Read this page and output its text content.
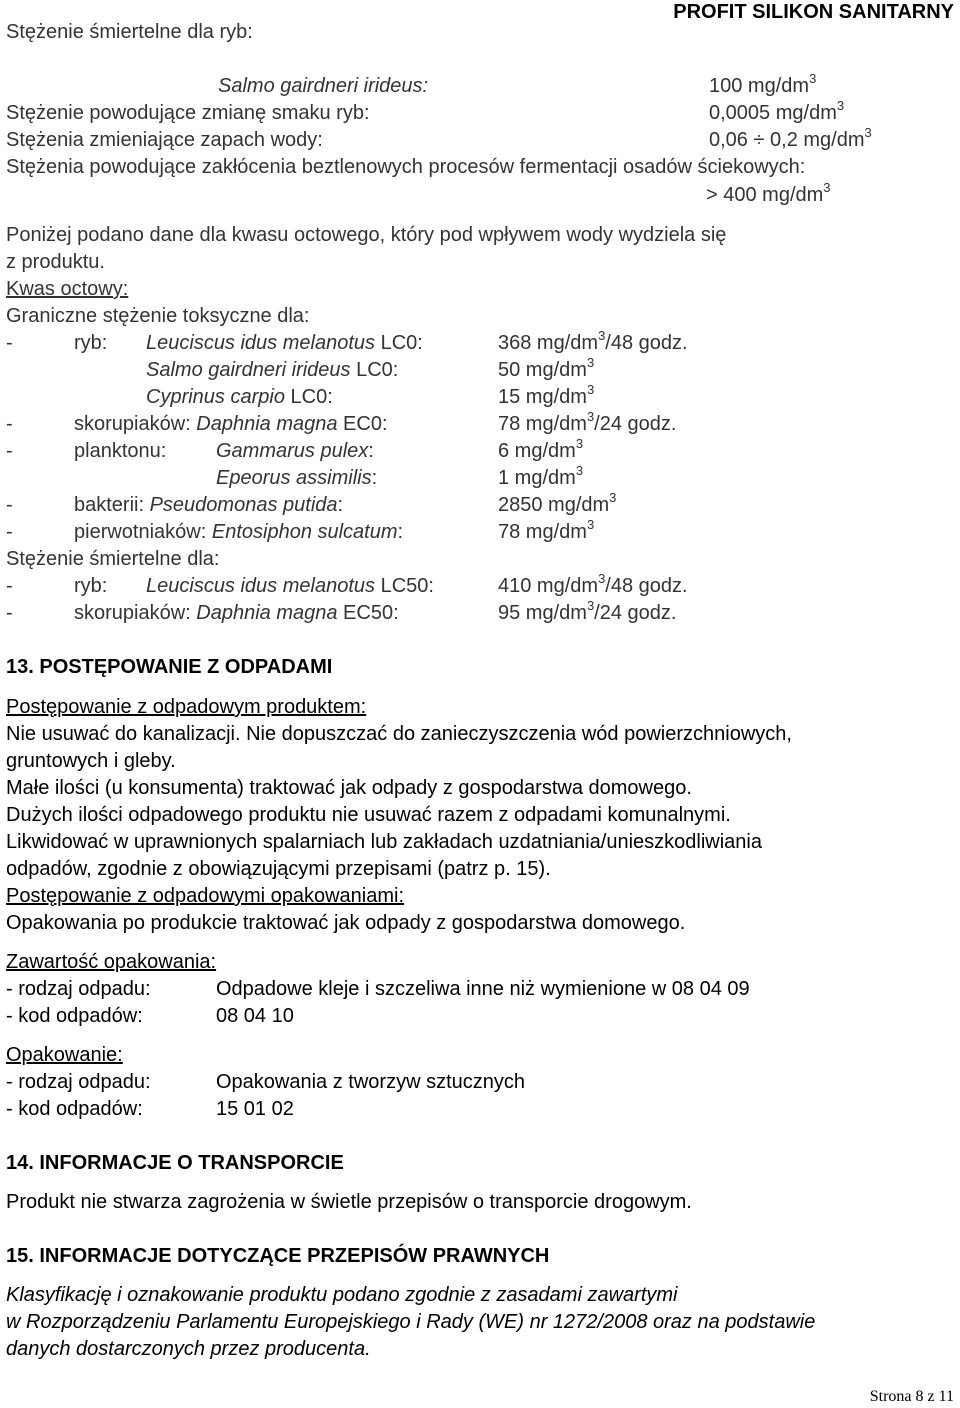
PROFIT SILIKON SANITARNY
Stężenie śmiertelne dla ryb:
Salmo gairdneri irideus:	100 $mg/dm^3$
Stężenie powodujące zmianę smaku ryb:	0,0005 $mg/dm^3$
Stężenia zmieniające zapach wody:	0,06 ÷ 0,2 $mg/dm^3$
Stężenia powodujące zakłócenia beztlenowych procesów fermentacji osadów ściekowych:
> 400 $mg/dm^3$
Poniżej podano dane dla kwasu octowego, który pod wpływem wody wydziela się
z produktu.
Kwas octowy:
Graniczne stężenie toksyczne dla:
-	ryb: Leuciscus idus melanotus LC0:	368 $mg/dm^3/48$ godz.
Salmo gairdneri irideus LC0:	50 $mg/dm^3$
Cyprinus carpio LC0:	15 $mg/dm^3$
-	skorupiaków: Daphnia magna EC0:	78 $mg/dm^3/24$ godz.
-	planktonu: Gammarus pulex:	6 $mg/dm^3$
Epeorus assimilis:	1 $mg/dm^3$
-	bakterii: Pseudomonas putida:	2850 $mg/dm^3$
-	pierwotniaków: Entosiphon sulcatum:	78 $mg/dm^3$
Stężenie śmiertelne dla:
-	ryb: Leuciscus idus melanotus LC50:	410 $mg/dm^3/48$ godz.
-	skorupiaków: Daphnia magna EC50:	95 $mg/dm^3/24$ godz.
13. POSTĘPOWANIE Z ODPADAMI
Postępowanie z odpadowym produktem:
Nie usuwać do kanalizacji. Nie dopuszczać do zanieczyszczenia wód powierzchniowych,
gruntowych i gleby.
Małe ilości (u konsumenta) traktować jak odpady z gospodarstwa domowego.
Dużych ilości odpadowego produktu nie usuwać razem z odpadami komunalnymi.
Likwidować w uprawnionych spalarniach lub zakładach uzdatniania/unieszkodliwiania
odpadów, zgodnie z obowiązującymi przepisami (patrz p. 15).
Postępowanie z odpadowymi opakowaniami:
Opakowania po produkcie traktować jak odpady z gospodarstwa domowego.
Zawartość opakowania:
- rodzaj odpadu:	Odpadowe kleje i szczeliwa inne niż wymienione w 08 04 09
- kod odpadów:	08 04 10
Opakowanie:
- rodzaj odpadu:	Opakowania z tworzyw sztucznych
- kod odpadów:	15 01 02
14. INFORMACJE O TRANSPORCIE
Produkt nie stwarza zagrożenia w świetle przepisów o transporcie drogowym.
15. INFORMACJE DOTYCZĄCE PRZEPISÓW PRAWNYCH
Klasyfikację i oznakowanie produktu podano zgodnie z zasadami zawartymi
w Rozporządzeniu Parlamentu Europejskiego i Rady (WE) nr 1272/2008 oraz na podstawie
danych dostarczonych przez producenta.
Strona 8 z 11
